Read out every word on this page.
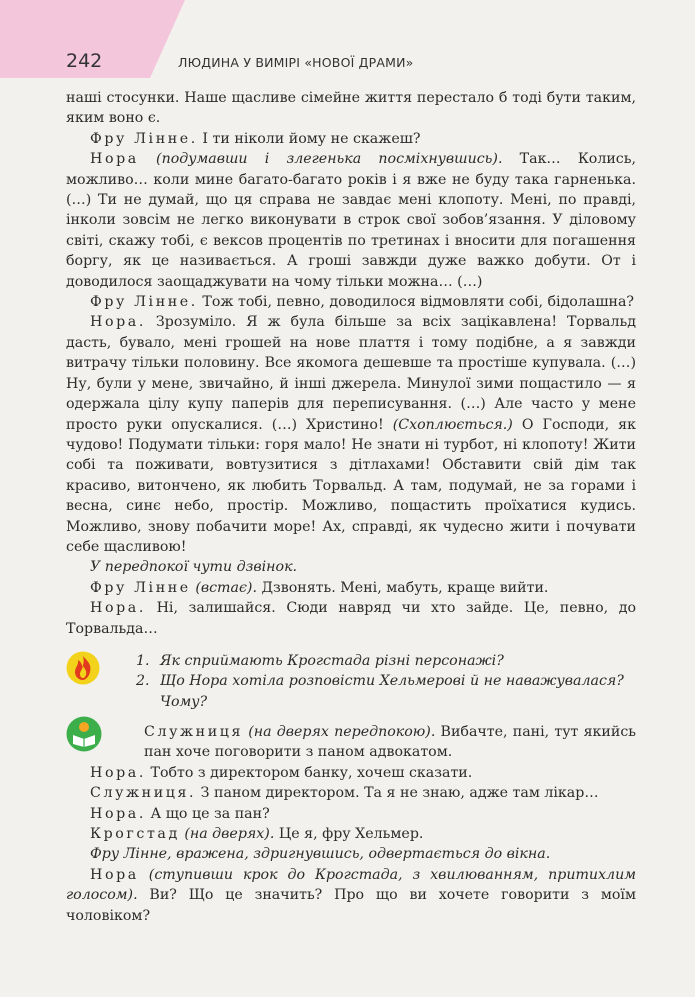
242	ЛЮДИНА У ВИМІРІ «НОВОЇ ДРАМИ»

наші стосунки. Наше щасливе сімейне життя перестало б тоді бути таким, яким воно є.

Фру Лінне. І ти ніколи йому не скажеш?

Нора (подумавши і злегенька посміхнувшись). Так… Колись, можливо… коли мине багато-багато років і я вже не буду така гарненька. (…) Ти не думай, що ця справа не завдає мені клопоту. Мені, по правді, інколи зовсім не легко виконувати в строк свої зобов’язання. У діловому світі, скажу тобі, є вексов процентів по третинах і вносити для погашення боргу, як це називається. А гроші завжди дуже важко добути. От і доводилося заощаджувати на чому тільки можна… (…)

Фру Лінне. Тож тобі, певно, доводилося відмовляти собі, бідолашна?

Нора. Зрозуміло. Я ж була більше за всіх зацікавлена! Торвальд дасть, бувало, мені грошей на нове плаття і тому подібне, а я завжди витрачу тільки половину. Все якомога дешевше та простіше купувала. (…) Ну, були у мене, звичайно, й інші джерела. Минулої зими пощастило — я одержала цілу купу паперів для переписування. (…) Але часто у мене просто руки опускалися. (…) Христино! (Схоплюється.) О Господи, як чудово! Подумати тільки: горя мало! Не знати ні турбот, ні клопоту! Жити собі та поживати, вовтузитися з дітлахами! Обставити свій дім так красиво, витончено, як любить Торвальд. А там, подумай, не за горами і весна, синє небо, простір. Можливо, пощастить проїхатися кудись. Можливо, знову побачити море! Ах, справді, як чудесно жити і почувати себе щасливою!

У передпокої чути дзвінок.

Фру Лінне (встає). Дзвонять. Мені, мабуть, краще вийти.

Нора. Ні, залишайся. Сюди навряд чи хто зайде. Це, певно, до Торвальда…

1. Як сприймають Крогстада різні персонажі?
2. Що Нора хотіла розповісти Хельмерові й не наважувалася? Чому?

Служниця (на дверях передпокою). Вибачте, пані, тут якийсь пан хоче поговорити з паном адвокатом.

Нора. Тобто з директором банку, хочеш сказати.

Служниця. З паном директором. Та я не знаю, адже там лікар…

Нора. А що це за пан?

Крогстад (на дверях). Це я, фру Хельмер.

Фру Лінне, вражена, здригнувшись, одвертається до вікна.

Нора (ступивши крок до Крогстада, з хвилюванням, притихлим голосом). Ви? Що це значить? Про що ви хочете говорити з моїм чоловіком?
